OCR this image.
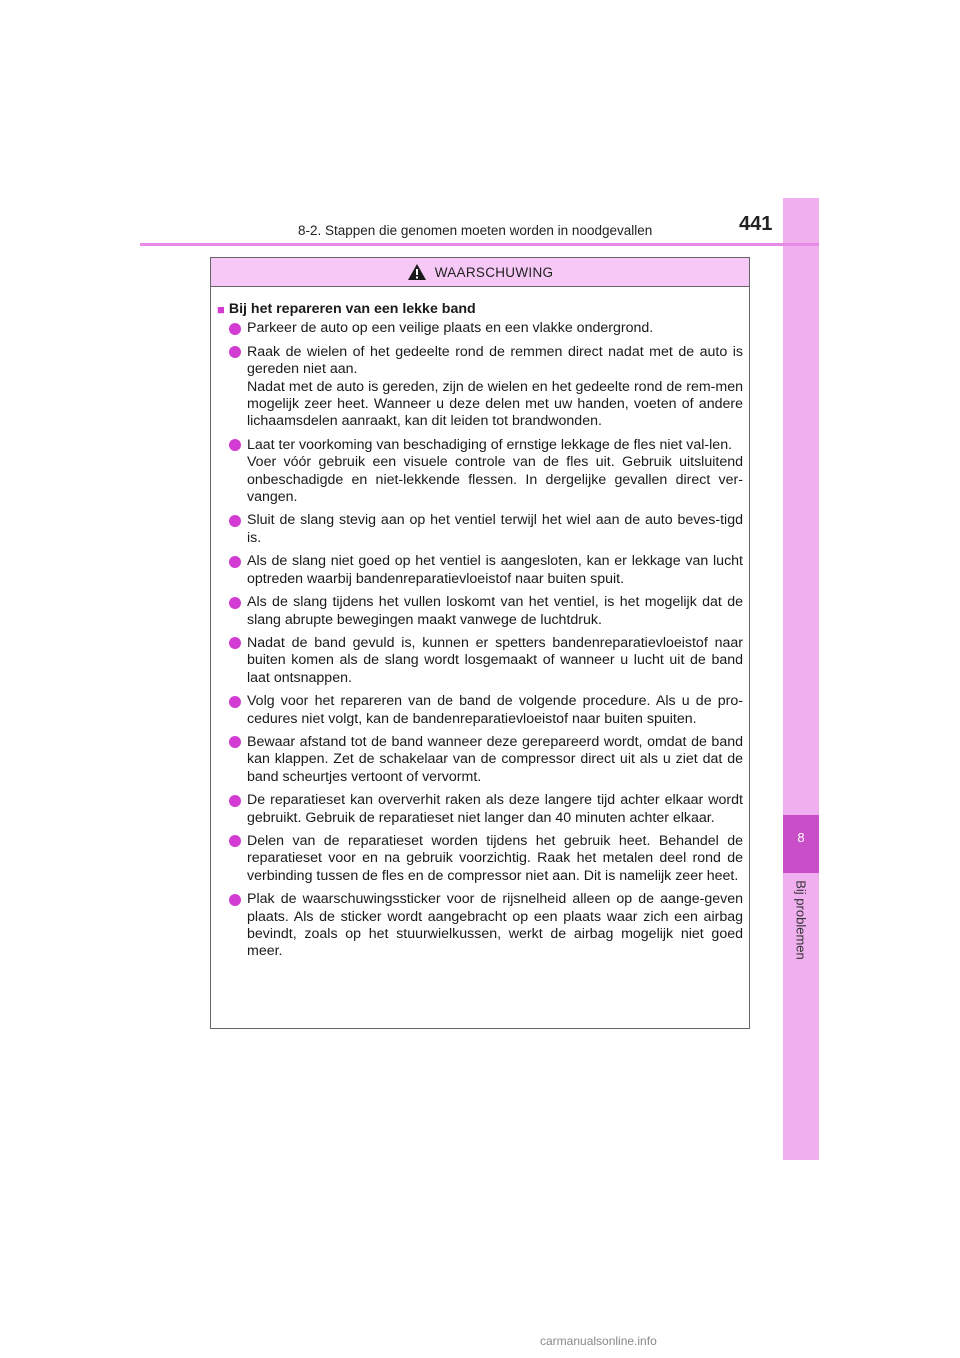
8
Bij problemen
8-2. Stappen die genomen moeten worden in noodgevallen	441
WAARSCHUWING
■ Bij het repareren van een lekke band
Parkeer de auto op een veilige plaats en een vlakke ondergrond.
Raak de wielen of het gedeelte rond de remmen direct nadat met de auto is gereden niet aan.
Nadat met de auto is gereden, zijn de wielen en het gedeelte rond de rem-men mogelijk zeer heet. Wanneer u deze delen met uw handen, voeten of andere lichaamsdelen aanraakt, kan dit leiden tot brandwonden.
Laat ter voorkoming van beschadiging of ernstige lekkage de fles niet val-len.
Voer vóór gebruik een visuele controle van de fles uit. Gebruik uitsluitend onbeschadigde en niet-lekkende flessen. In dergelijke gevallen direct ver-vangen.
Sluit de slang stevig aan op het ventiel terwijl het wiel aan de auto beves-tigd is.
Als de slang niet goed op het ventiel is aangesloten, kan er lekkage van lucht optreden waarbij bandenreparatievloeistof naar buiten spuit.
Als de slang tijdens het vullen loskomt van het ventiel, is het mogelijk dat de slang abrupte bewegingen maakt vanwege de luchtdruk.
Nadat de band gevuld is, kunnen er spetters bandenreparatievloeistof naar buiten komen als de slang wordt losgemaakt of wanneer u lucht uit de band laat ontsnappen.
Volg voor het repareren van de band de volgende procedure. Als u de pro-cedures niet volgt, kan de bandenreparatievloeistof naar buiten spuiten.
Bewaar afstand tot de band wanneer deze gerepareerd wordt, omdat de band kan klappen. Zet de schakelaar van de compressor direct uit als u ziet dat de band scheurtjes vertoont of vervormt.
De reparatieset kan oververhit raken als deze langere tijd achter elkaar wordt gebruikt. Gebruik de reparatieset niet langer dan 40 minuten achter elkaar.
Delen van de reparatieset worden tijdens het gebruik heet. Behandel de reparatieset voor en na gebruik voorzichtig. Raak het metalen deel rond de verbinding tussen de fles en de compressor niet aan. Dit is namelijk zeer heet.
Plak de waarschuwingssticker voor de rijsnelheid alleen op de aange-geven plaats. Als de sticker wordt aangebracht op een plaats waar zich een airbag bevindt, zoals op het stuurwielkussen, werkt de airbag mogelijk niet goed meer.
carmanualsonline.info
